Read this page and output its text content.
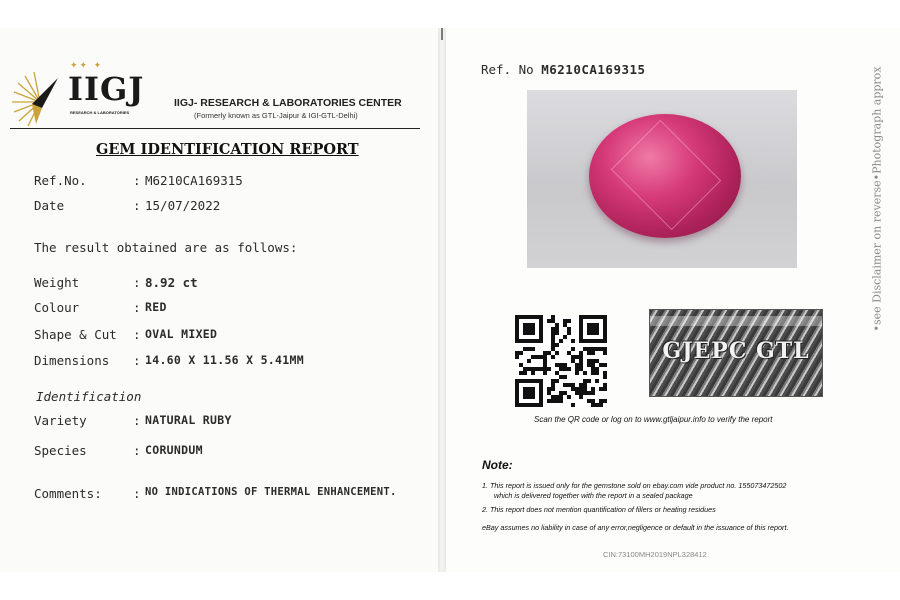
✦✦ ✦
IIGJ
RESEARCH & LABORATORIES
IIGJ- RESEARCH & LABORATORIES CENTER
(Formerly known as GTL-Jaipur & IGI-GTL-Delhi)
GEM IDENTIFICATION REPORT
Ref.No.	: M6210CA169315
Date	: 15/07/2022
The result obtained are as follows:
Weight	: 8.92 ct
Colour	: RED
Shape & Cut : OVAL MIXED
Dimensions : 14.60 X 11.56 X 5.41MM
Identification
Variety	: NATURAL RUBY
Species	: CORUNDUM
Comments:	: NO INDICATIONS OF THERMAL ENHANCEMENT.
Ref. No M6210CA169315	•see Disclaimer on reverse•Photograph approx
GJEPC GTL
Scan the QR code or log on to www.gtljaipur.info to verify the report
Note:
1. This report is issued only for the gemstone sold on ebay.com vide product no. 155073472502
which is delivered together with the report in a sealed package
2. This report does not mention quantification of fillers or heating residues
eBay assumes no liability in case of any error,negligence or default in the issuance of this report.
CIN:73100MH2019NPL328412
